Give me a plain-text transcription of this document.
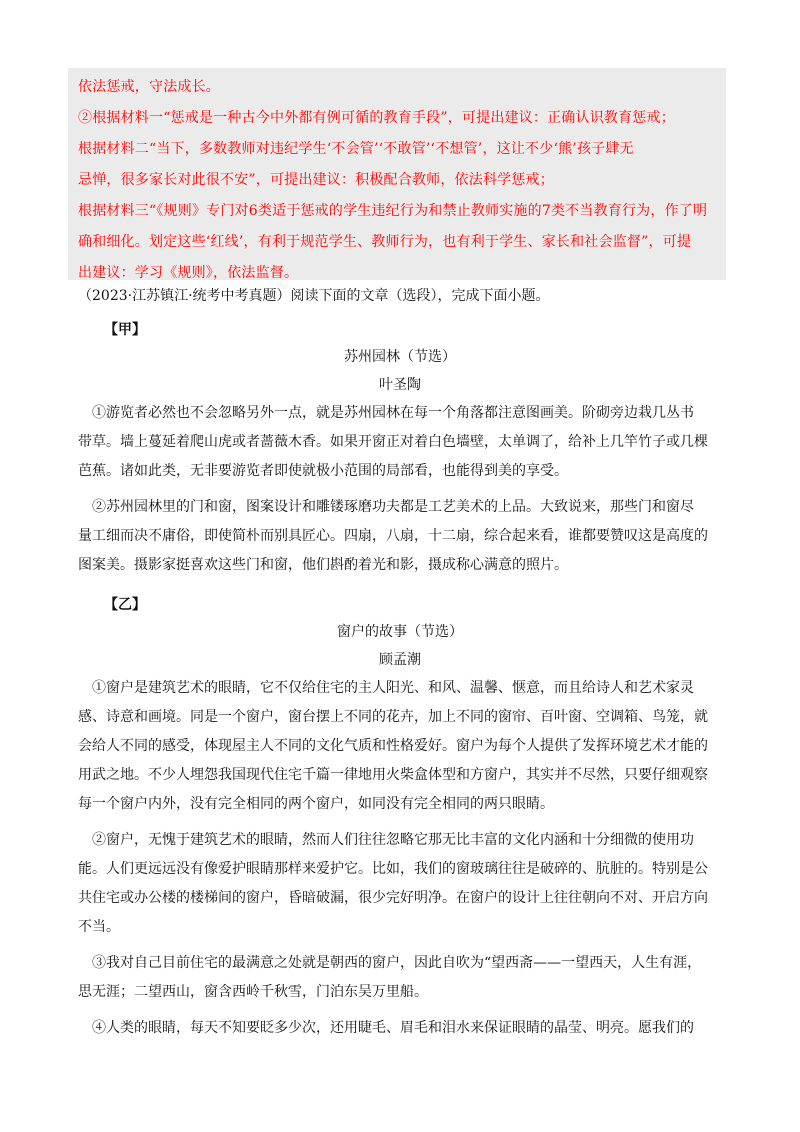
依法惩戒，守法成长。

②根据材料一“惩戒是一种古今中外都有例可循的教育手段”，可提出建议：正确认识教育惩戒；

根据材料二“当下，多数教师对违纪学生‘不会管’‘不敢管’‘不想管’，这让不少‘熊’孩子肆无

忌惮，很多家长对此很不安”，可提出建议：积极配合教师，依法科学惩戒；

根据材料三“《规则》专门对6类适于惩戒的学生违纪行为和禁止教师实施的7类不当教育行为，作了明

确和细化。划定这些‘红线’，有利于规范学生、教师行为，也有利于学生、家长和社会监督”，可提

出建议：学习《规则》，依法监督。

（2023·江苏镇江·统考中考真题）阅读下面的文章（选段），完成下面小题。
【甲】
苏州园林（节选）
叶圣陶

①游览者必然也不会忽略另外一点，就是苏州园林在每一个角落都注意图画美。阶砌旁边栽几丛书

带草。墙上蔓延着爬山虎或者蔷薇木香。如果开窗正对着白色墙壁，太单调了，给补上几竿竹子或几棵

芭蕉。诸如此类，无非要游览者即使就极小范围的局部看，也能得到美的享受。

②苏州园林里的门和窗，图案设计和雕镂琢磨功夫都是工艺美术的上品。大致说来，那些门和窗尽

量工细而决不庸俗，即使简朴而别具匠心。四扇，八扇，十二扇，综合起来看，谁都要赞叹这是高度的

图案美。摄影家挺喜欢这些门和窗，他们斟酌着光和影，摄成称心满意的照片。

【乙】
窗户的故事（节选）
顾孟潮

①窗户是建筑艺术的眼睛，它不仅给住宅的主人阳光、和风、温馨、惬意，而且给诗人和艺术家灵

感、诗意和画境。同是一个窗户，窗台摆上不同的花卉，加上不同的窗帘、百叶窗、空调箱、鸟笼，就

会给人不同的感受，体现屋主人不同的文化气质和性格爱好。窗户为每个人提供了发挥环境艺术才能的

用武之地。不少人埋怨我国现代住宅千篇一律地用火柴盒体型和方窗户，其实并不尽然，只要仔细观察

每一个窗户内外，没有完全相同的两个窗户，如同没有完全相同的两只眼睛。

②窗户，无愧于建筑艺术的眼睛，然而人们往往忽略它那无比丰富的文化内涵和十分细微的使用功

能。人们更远远没有像爱护眼睛那样来爱护它。比如，我们的窗玻璃往往是破碎的、肮脏的。特别是公

共住宅或办公楼的楼梯间的窗户，昏暗破漏，很少完好明净。在窗户的设计上往往朝向不对、开启方向

不当。

③我对自己目前住宅的最满意之处就是朝西的窗户，因此自吹为“望西斋——一望西天，人生有涯，

思无涯；二望西山，窗含西岭千秋雪，门泊东吴万里船。

④人类的眼睛，每天不知要眨多少次，还用睫毛、眉毛和泪水来保证眼睛的晶莹、明亮。愿我们的
